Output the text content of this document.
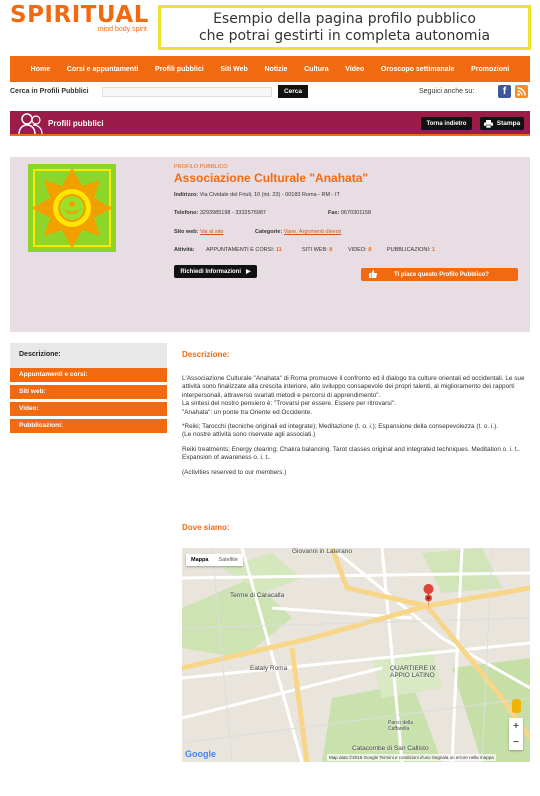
SPIRITUAL
mind body spirit
Esempio della pagina profilo pubblico
che potrai gestirti in completa autonomia
Home Corsi e appuntamenti Profili pubblici Siti Web Notizie Cultura Video Oroscopo settimanale Promozioni
Cerca in Profili Pubblici	Cerca	Seguici anche su:	f
Profili pubblici	Torna indietro	Stampa
PROFILO PUBBLICO
Associazione Culturale "Anahata"
Indirizzo: Via Cividale del Friuli, 10 (int. 23) - 00183 Roma - RM - IT
Telefono: 3293985198 - 3332576987	Fax: 0670301158
Sito web: Vai al sito	Categorie: Varie, Argomenti diversi
Attività: APPUNTAMENTI E CORSI: 11	SITI WEB: 8	VIDEO: 8	PUBBLICAZIONI: 1
Richiedi Informazioni ▶	Ti piace questo Profilo Pubblico?
Descrizione:
Appuntamenti e corsi:
Siti web:
Video:
Pubblicazioni:
Descrizione:

L'Associazione Culturale "Anahata" di Roma promuove il confronto ed il dialogo tra culture orientali ed occidentali. Le sue attività sono finalizzate alla crescita interiore, allo sviluppo consapevole dei propri talenti, al miglioramento dei rapporti interpersonali, attraverso svariati metodi e percorsi di apprendimento".
La sintesi del nostro pensiero è: "Trovarsi per essere. Essere per ritrovarsi".
"Anahata": un ponte tra Oriente ed Occidente.

*Reiki; Tarocchi (tecniche originali ed integrate); Meditazione (t. o. i.); Espansione della consepevolezza (t. o. i.).
(Le nostre attività sono riservate agli associati.)

Reiki treatments; Energy clearing; Chakra balancing. Tarot classes original and integrated techniques. Meditation o. i. t.. Expansion of awareness o. i. t..

(Activities reserved to our members.)

Dove siamo:
Mappa	Satellite
Giovanni in Laterano
Terme di Caracalla
Eataly Roma	QUARTIERE IX APPIO LATINO
Parco della Caffarella
Catacombe di San Callisto
+
−
Google	Map data ©2016 Google Termini e condizioni d'uso Segnala un errore nella mappa
